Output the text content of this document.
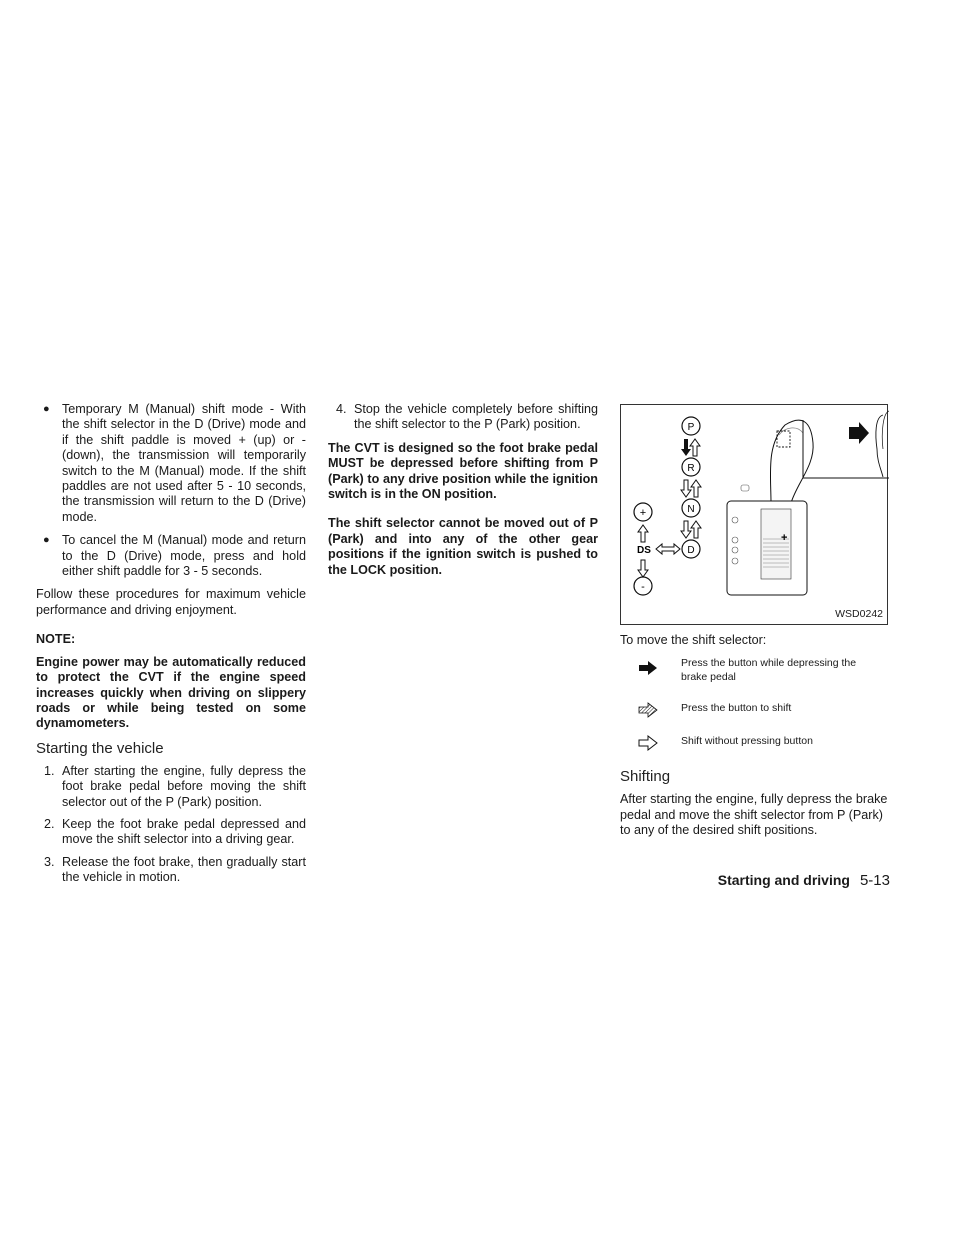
● Temporary M (Manual) shift mode - With the shift selector in the D (Drive) mode and if the shift paddle is moved + (up) or - (down), the transmission will temporarily switch to the M (Manual) mode. If the shift paddles are not used after 5 - 10 seconds, the transmission will return to the D (Drive) mode.
● To cancel the M (Manual) mode and return to the D (Drive) mode, press and hold either shift paddle for 3 - 5 seconds.

Follow these procedures for maximum vehicle performance and driving enjoyment.

NOTE:

Engine power may be automatically reduced to protect the CVT if the engine speed increases quickly when driving on slippery roads or while being tested on some dynamometers.

Starting the vehicle
1. After starting the engine, fully depress the foot brake pedal before moving the shift selector out of the P (Park) position.
2. Keep the foot brake pedal depressed and move the shift selector into a driving gear.
3. Release the foot brake, then gradually start the vehicle in motion.
4. Stop the vehicle completely before shifting the shift selector to the P (Park) position.

The CVT is designed so the foot brake pedal MUST be depressed before shifting from P (Park) to any drive position while the ignition switch is in the ON position.

The shift selector cannot be moved out of P (Park) and into any of the other gear positions if the ignition switch is pushed to the LOCK position.

P
R
N
D
+
DS
-
+
WSD0242

To move the shift selector:

Press the button while depressing the brake pedal
Press the button to shift
Shift without pressing button
Shifting

After starting the engine, fully depress the brake pedal and move the shift selector from P (Park) to any of the desired shift positions.

Starting and driving 5-13
